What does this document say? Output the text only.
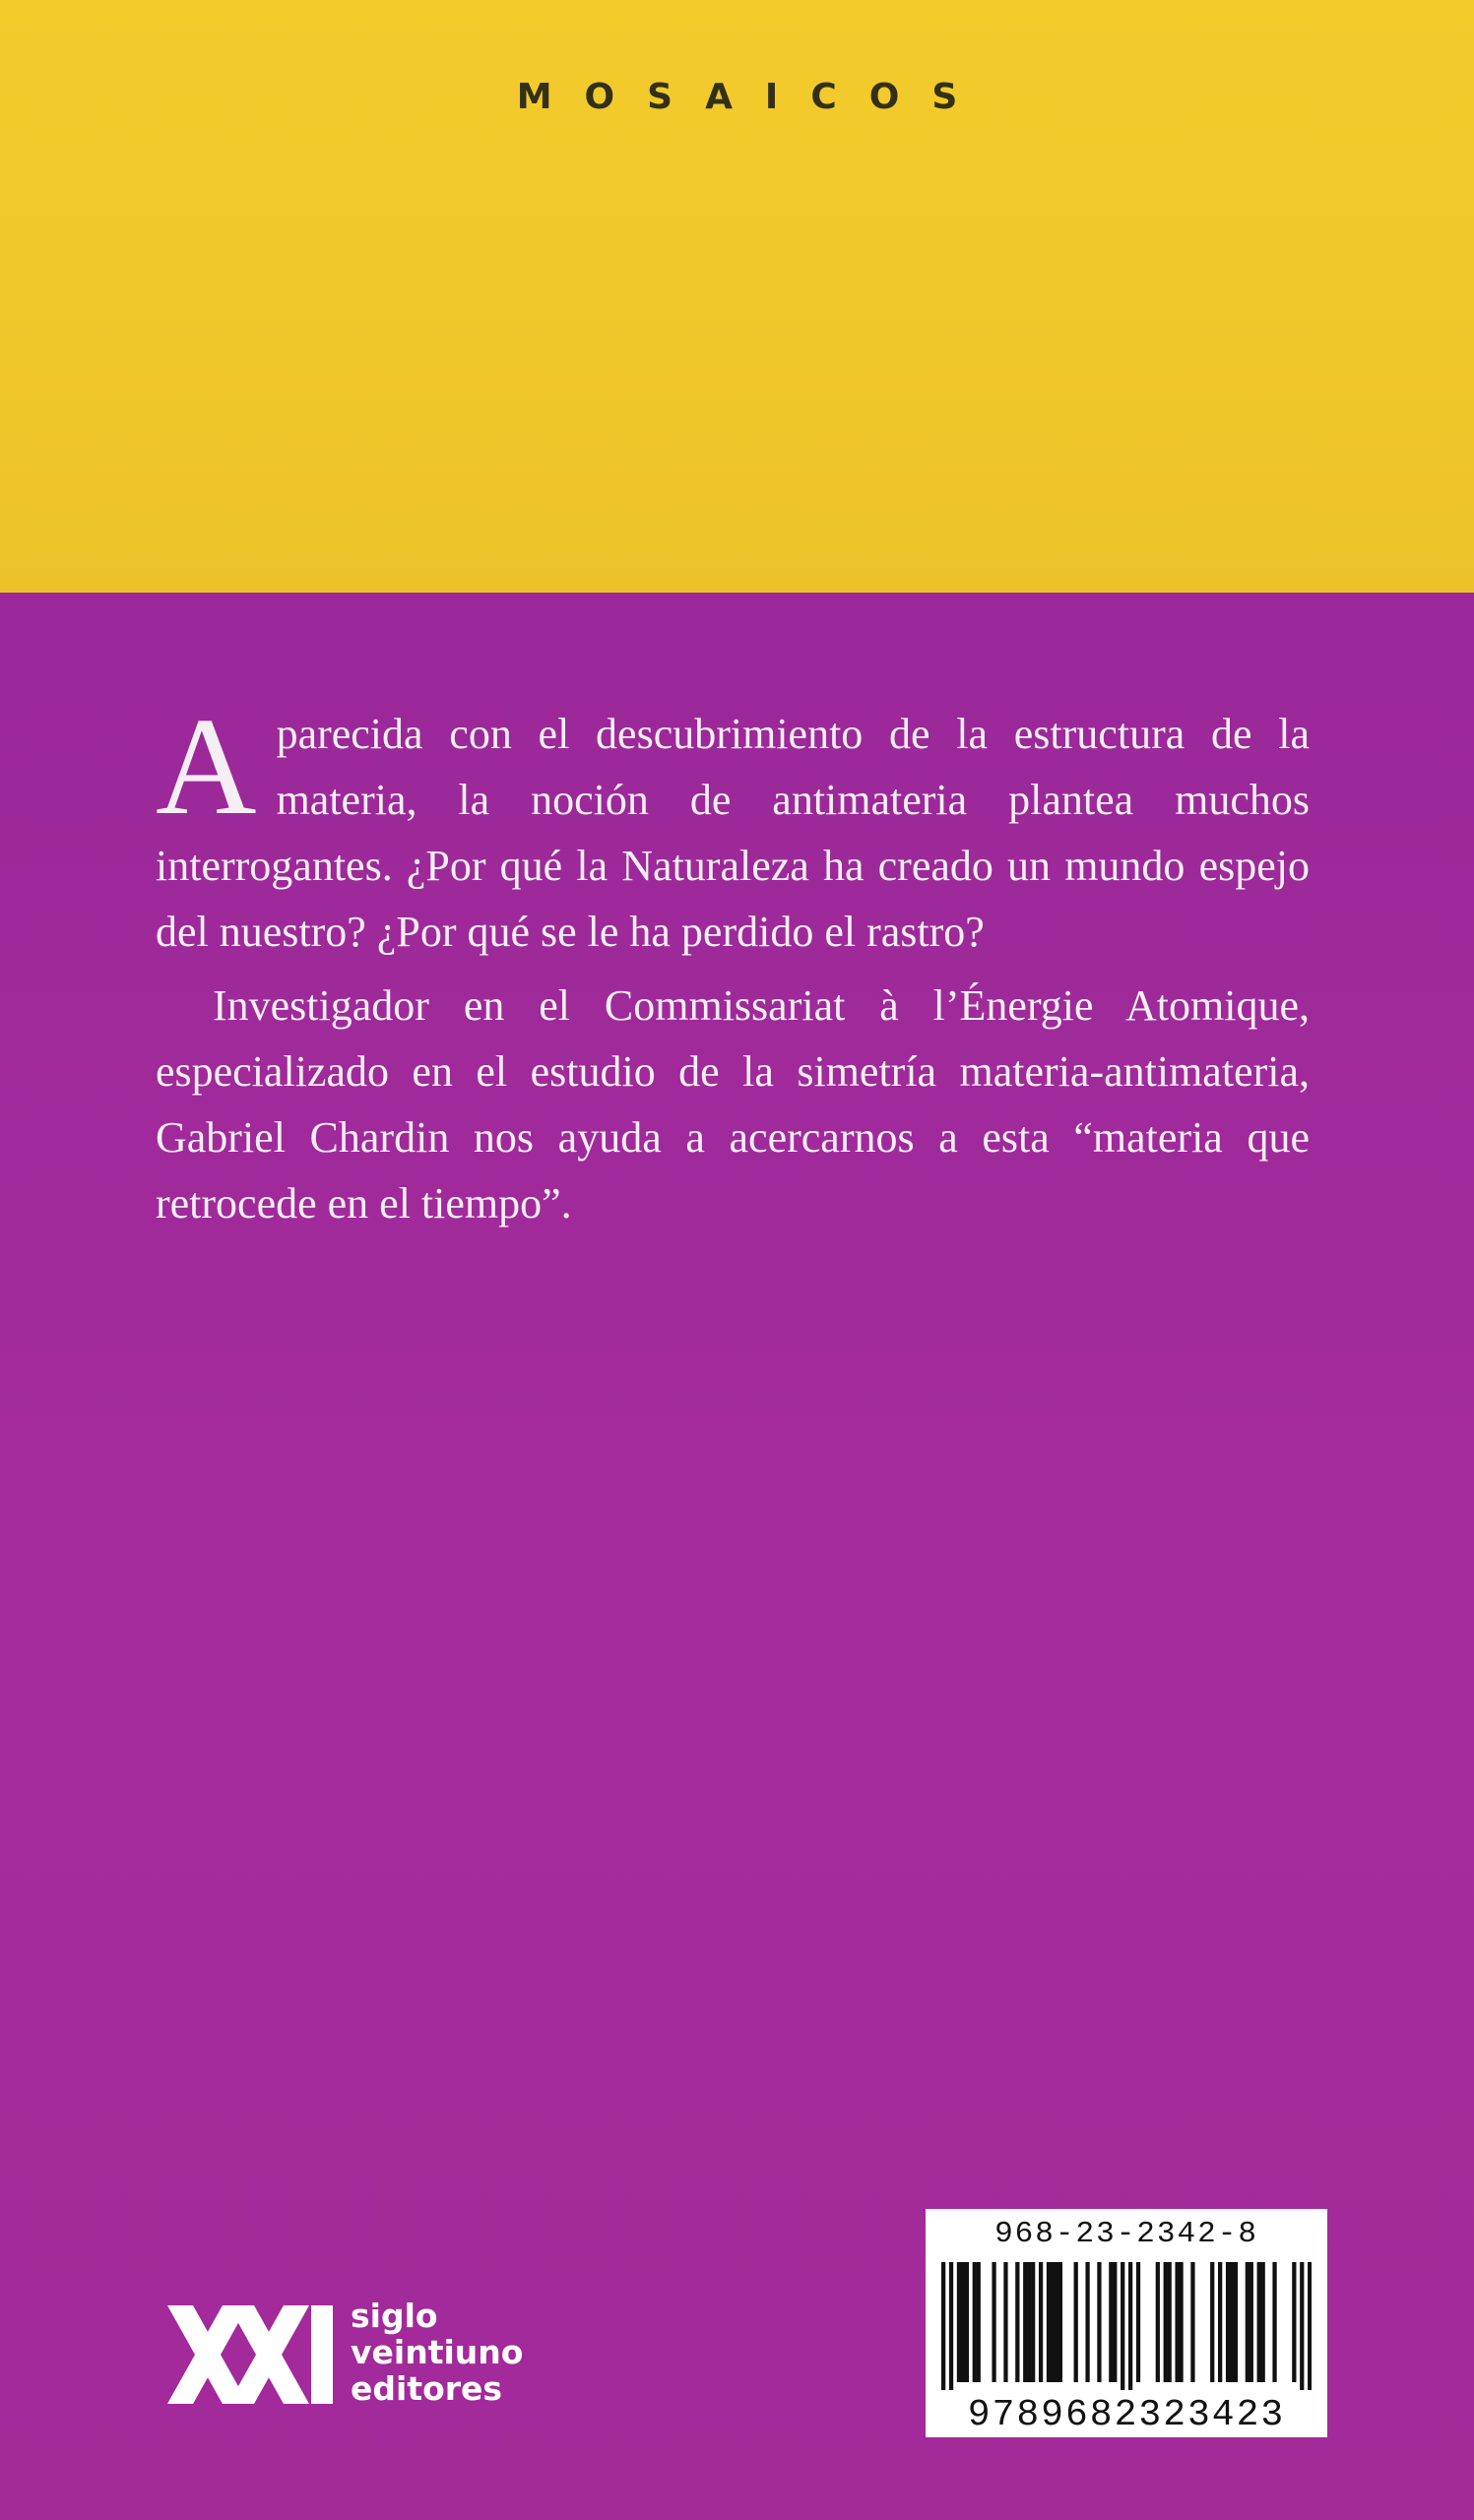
MOSAICOS

Aparecida con el descubrimiento de la estructura de la materia, la noción de antimateria plantea muchos interrogantes. ¿Por qué la Naturaleza ha creado un mundo espejo del nuestro? ¿Por qué se le ha perdido el rastro?

Investigador en el Commissariat à l’Énergie Atomique, especializado en el estudio de la simetría materia-antimateria, Gabriel Chardin nos ayuda a acercarnos a esta “materia que retrocede en el tiempo”.

siglo
veintiuno
editores
968-23-2342-8
9789682323423
